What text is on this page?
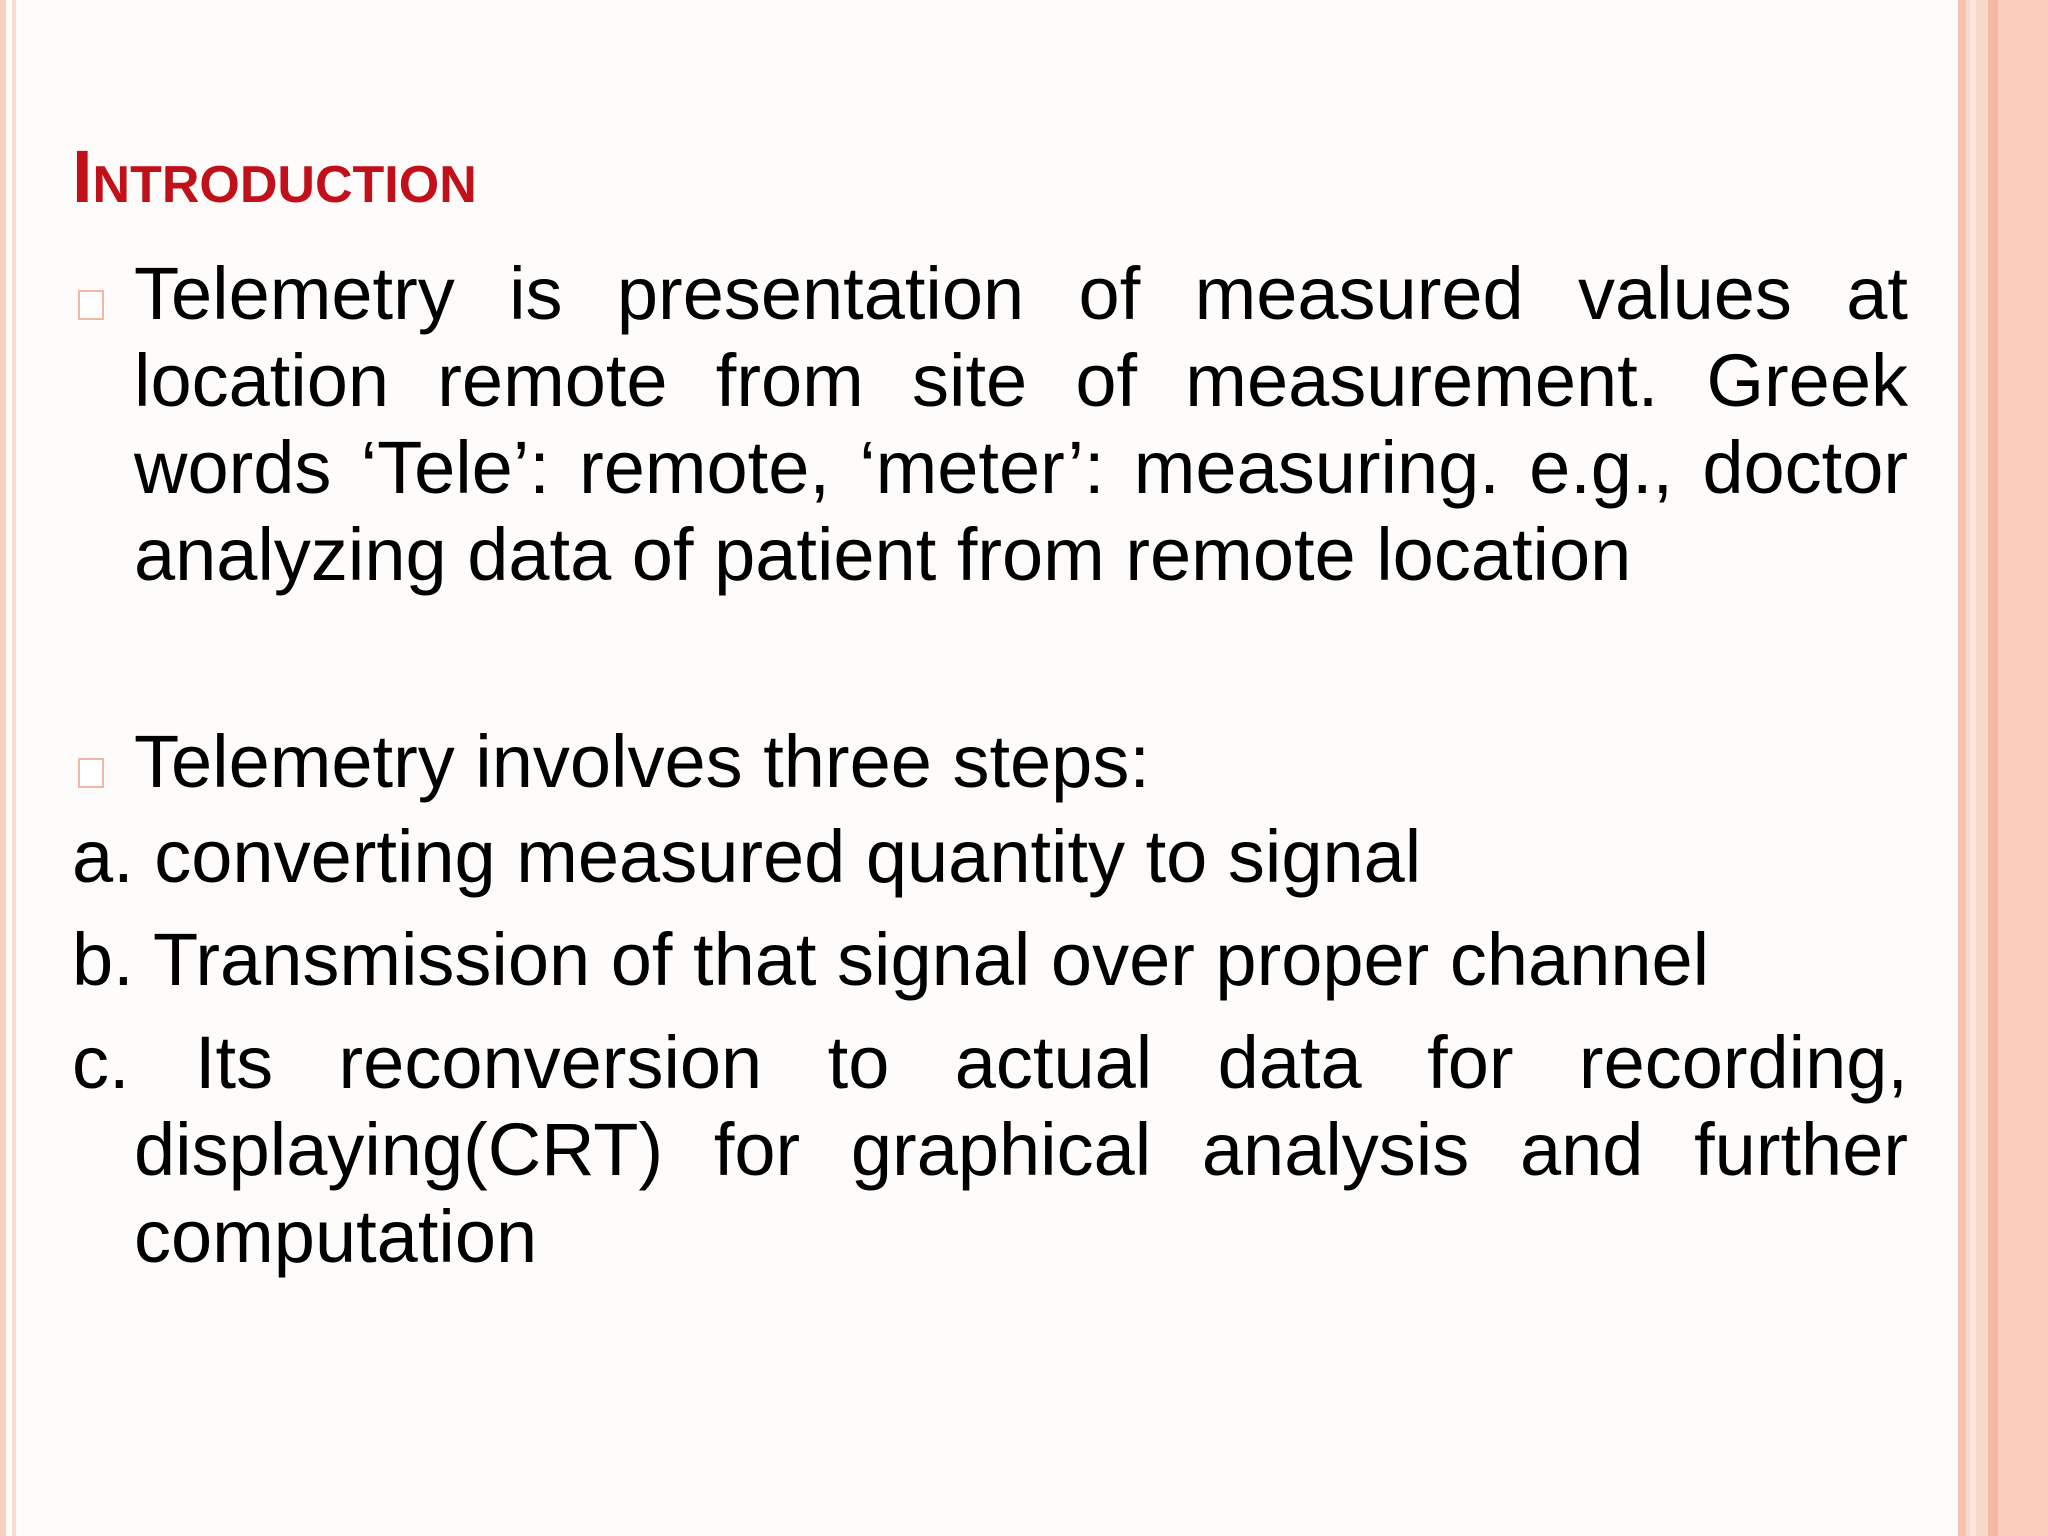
Introduction
Telemetry is presentation of measured values at location remote from site of measurement. Greek words ‘Tele’: remote, ‘meter’: measuring. e.g., doctor analyzing data of patient from remote location
Telemetry involves three steps:
a. converting measured quantity to signal
b. Transmission of that signal over proper channel
c. Its reconversion to actual data for recording, displaying(CRT) for graphical analysis and further computation
